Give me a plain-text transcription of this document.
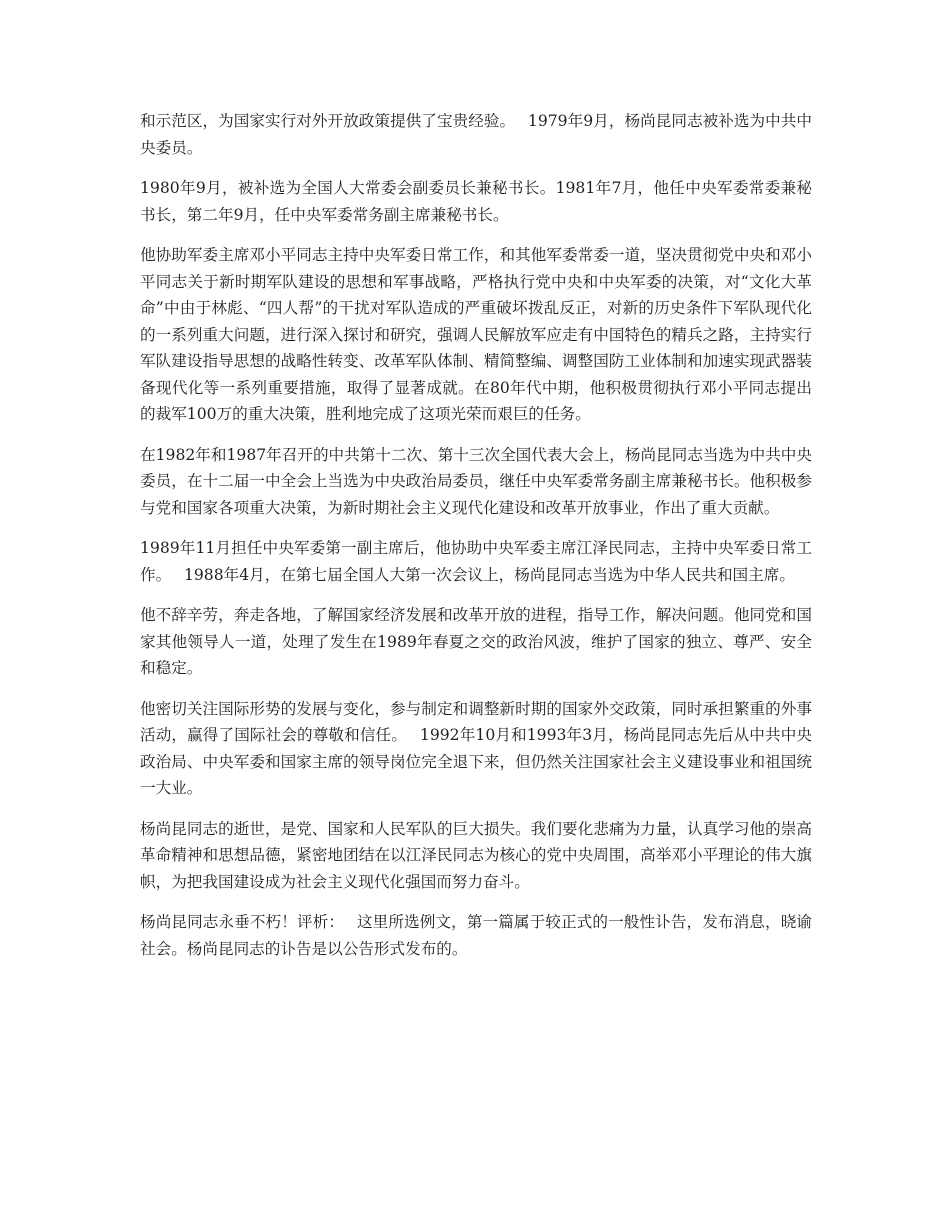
和示范区，为国家实行对外开放政策提供了宝贵经验。　 1979年9月，杨尚昆同志被补选为中共中央委员。

1980年9月，被补选为全国人大常委会副委员长兼秘书长。1981年7月，他任中央军委常委兼秘书长，第二年9月，任中央军委常务副主席兼秘书长。

他协助军委主席邓小平同志主持中央军委日常工作，和其他军委常委一道，坚决贯彻党中央和邓小平同志关于新时期军队建设的思想和军事战略，严格执行党中央和中央军委的决策，对“文化大革命”中由于林彪、“四人帮”的干扰对军队造成的严重破坏拨乱反正，对新的历史条件下军队现代化的一系列重大问题，进行深入探讨和研究，强调人民解放军应走有中国特色的精兵之路，主持实行军队建设指导思想的战略性转变、改革军队体制、精简整编、调整国防工业体制和加速实现武器装备现代化等一系列重要措施，取得了显著成就。在80年代中期，他积极贯彻执行邓小平同志提出的裁军100万的重大决策，胜利地完成了这项光荣而艰巨的任务。

在1982年和1987年召开的中共第十二次、第十三次全国代表大会上，杨尚昆同志当选为中共中央委员，在十二届一中全会上当选为中央政治局委员，继任中央军委常务副主席兼秘书长。他积极参与党和国家各项重大决策，为新时期社会主义现代化建设和改革开放事业，作出了重大贡献。

1989年11月担任中央军委第一副主席后，他协助中央军委主席江泽民同志，主持中央军委日常工作。　 1988年4月，在第七届全国人大第一次会议上，杨尚昆同志当选为中华人民共和国主席。

他不辞辛劳，奔走各地，了解国家经济发展和改革开放的进程，指导工作，解决问题。他同党和国家其他领导人一道，处理了发生在1989年春夏之交的政治风波，维护了国家的独立、尊严、安全和稳定。

他密切关注国际形势的发展与变化，参与制定和调整新时期的国家外交政策，同时承担繁重的外事活动，赢得了国际社会的尊敬和信任。　 1992年10月和1993年3月，杨尚昆同志先后从中共中央政治局、中央军委和国家主席的领导岗位完全退下来，但仍然关注国家社会主义建设事业和祖国统一大业。

杨尚昆同志的逝世，是党、国家和人民军队的巨大损失。我们要化悲痛为力量，认真学习他的崇高革命精神和思想品德，紧密地团结在以江泽民同志为核心的党中央周围，高举邓小平理论的伟大旗帜，为把我国建设成为社会主义现代化强国而努力奋斗。

杨尚昆同志永垂不朽！评析：　 这里所选例文，第一篇属于较正式的一般性讣告，发布消息，晓谕社会。杨尚昆同志的讣告是以公告形式发布的。
